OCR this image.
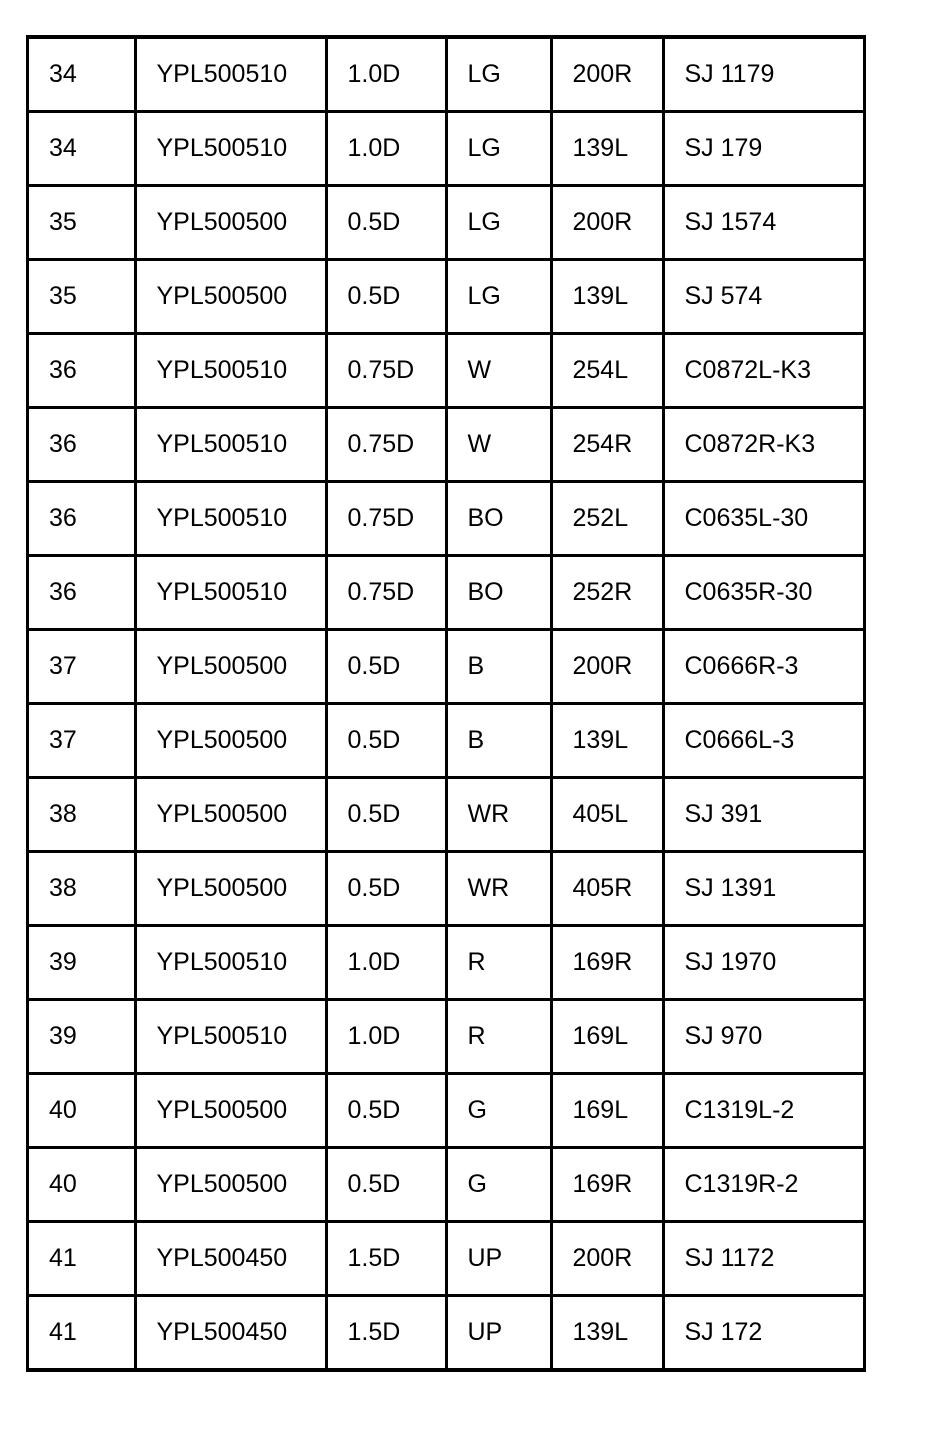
34	YPL500510	1.0D	LG	200R	SJ 1179
34	YPL500510	1.0D	LG	139L	SJ 179
35	YPL500500	0.5D	LG	200R	SJ 1574
35	YPL500500	0.5D	LG	139L	SJ 574
36	YPL500510	0.75D	W	254L	C0872L-K3
36	YPL500510	0.75D	W	254R	C0872R-K3
36	YPL500510	0.75D	BO	252L	C0635L-30
36	YPL500510	0.75D	BO	252R	C0635R-30
37	YPL500500	0.5D	B	200R	C0666R-3
37	YPL500500	0.5D	B	139L	C0666L-3
38	YPL500500	0.5D	WR	405L	SJ 391
38	YPL500500	0.5D	WR	405R	SJ 1391
39	YPL500510	1.0D	R	169R	SJ 1970
39	YPL500510	1.0D	R	169L	SJ 970
40	YPL500500	0.5D	G	169L	C1319L-2
40	YPL500500	0.5D	G	169R	C1319R-2
41	YPL500450	1.5D	UP	200R	SJ 1172
41	YPL500450	1.5D	UP	139L	SJ 172
